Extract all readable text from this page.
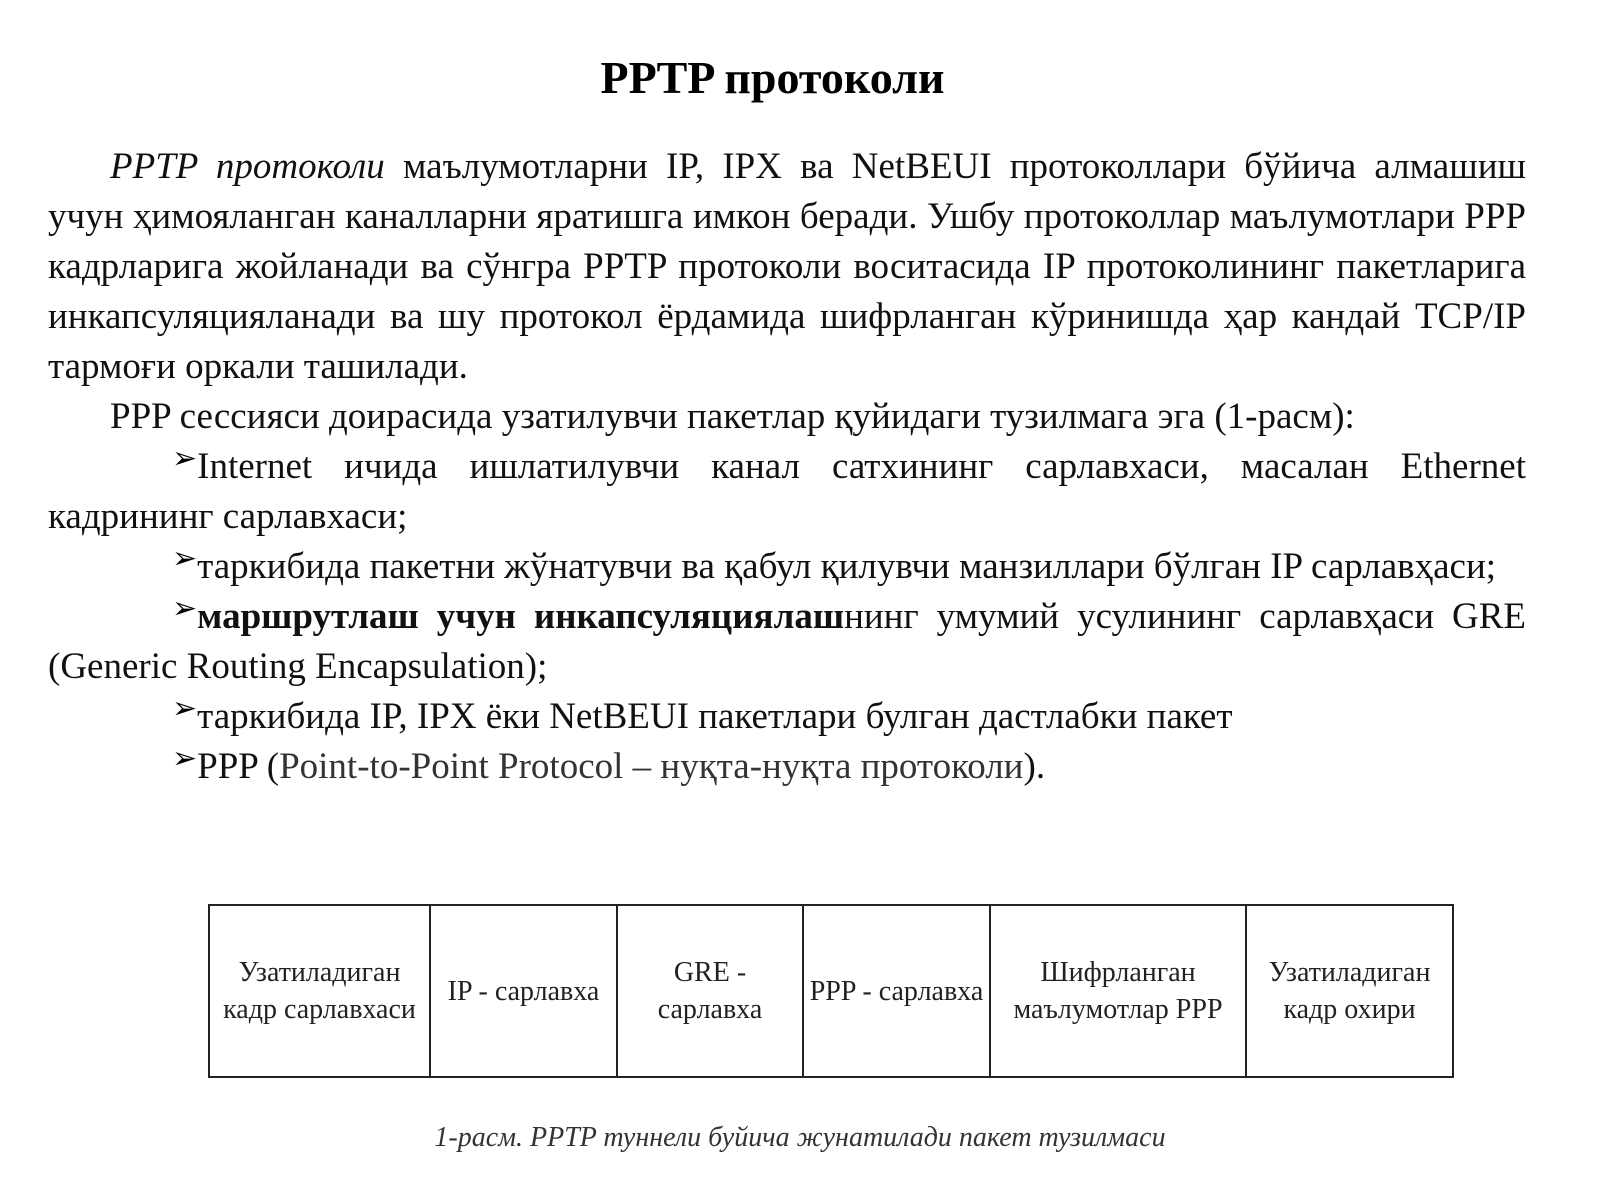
PPTP протоколи

PPTP протоколи маълумотларни IP, IPX ва NetBEUI протоколлари бўйича алмашиш учун ҳимояланган каналларни яратишга имкон беради. Ушбу протоколлар маълумотлари PPP кадрларига жойланади ва сўнгра PPTP протоколи воситасида IP протоколининг пакетларига инкапсуляцияланади ва шу протокол ёрдамида шифрланган кўринишда ҳар кандай TCP/IP тармоғи оркали ташилади.

PPP сессияси доирасида узатилувчи пакетлар қуйидаги тузилмага эга (1-расм):

➢Internet ичида ишлатилувчи канал сатхининг сарлавхаси, масалан Ethernet кадрининг сарлавхаси;

➢таркибида пакетни жўнатувчи ва қабул қилувчи манзиллари бўлган IP сарлавҳаси;

➢маршрутлаш учун инкапсуляциялашнинг умумий усулининг сарлавҳаси GRE (Generic Routing Encapsulation);

➢таркибида IP, IPX ёки NetBEUI пакетлари булган дастлабки пакет

➢PPP (Point-to-Point Protocol – нуқта-нуқта протоколи).

Узатиладиган кадр сарлавхаси
IP - сарлавха
GRE - сарлавха
PPP - сарлавха
Шифрланган маълумотлар PPP
Узатиладиган кадр охири
1-расм. PPTP туннели буйича жунатилади пакет тузилмаси
